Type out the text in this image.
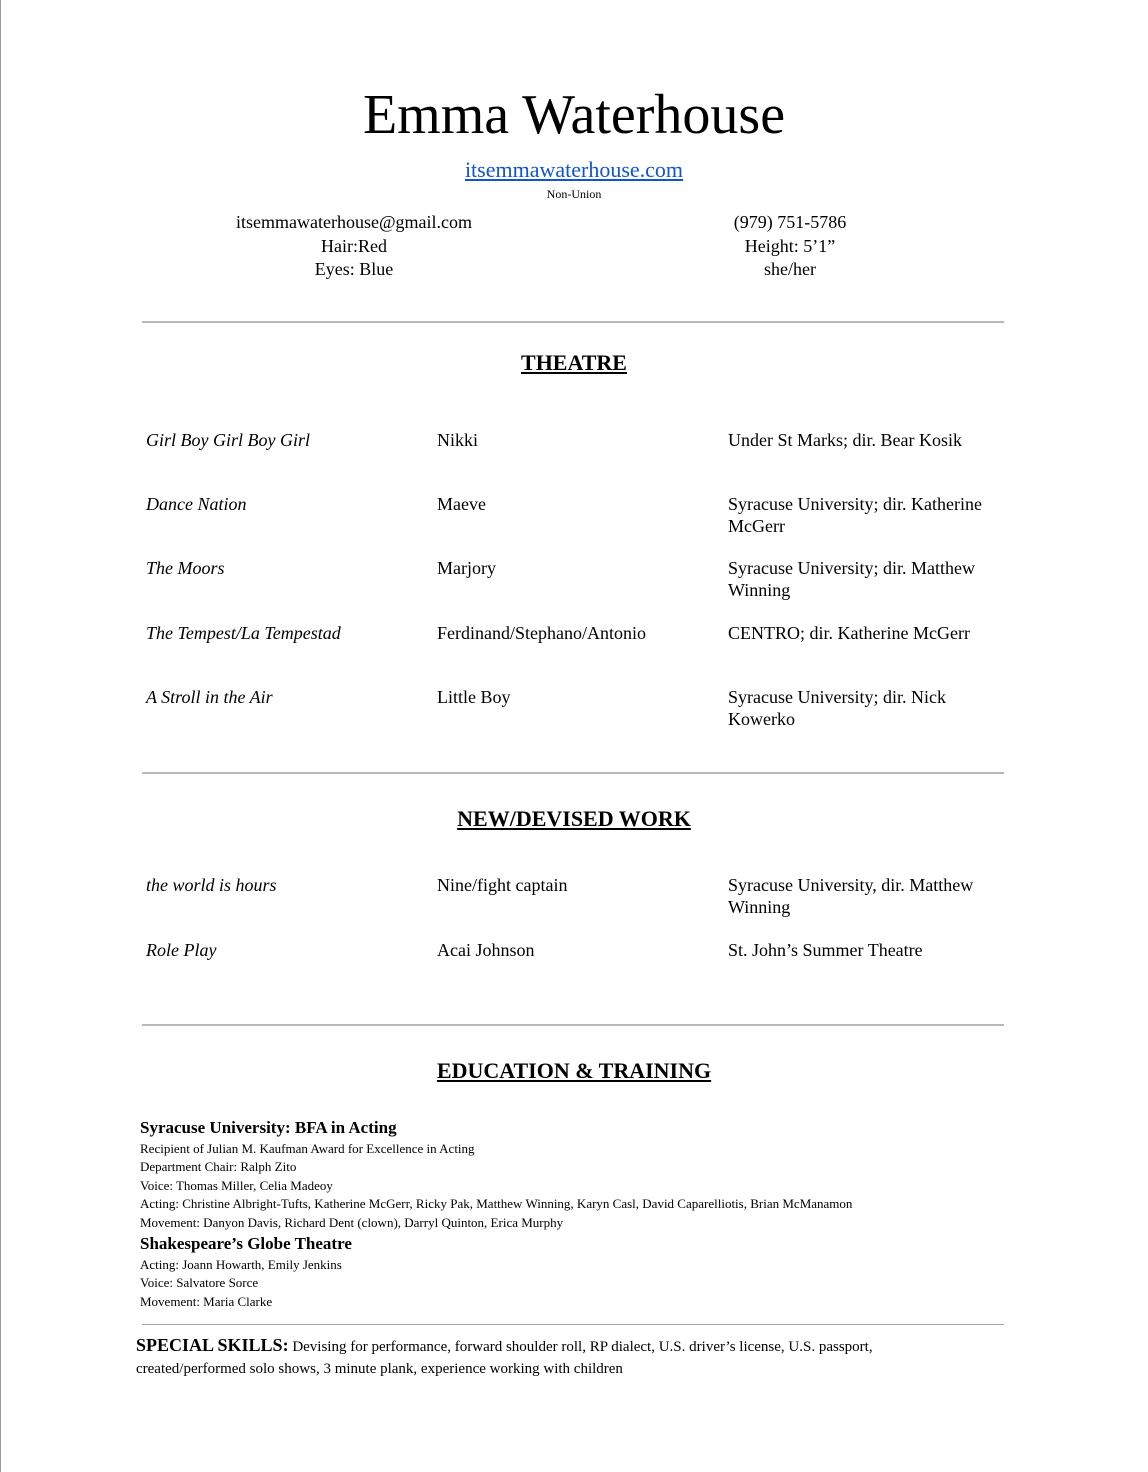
Emma Waterhouse
itsemmawaterhouse.com
Non-Union
itsemmawaterhouse@gmail.com
Hair:Red
Eyes: Blue
(979) 751-5786
Height: 5’1”
she/her
THEATRE
Girl Boy Girl Boy Girl	Nikki	Under St Marks; dir. Bear Kosik
Dance Nation	Maeve	Syracuse University; dir. Katherine McGerr
The Moors	Marjory	Syracuse University; dir. Matthew Winning
The Tempest/La Tempestad	Ferdinand/Stephano/Antonio	CENTRO; dir. Katherine McGerr
A Stroll in the Air	Little Boy	Syracuse University; dir. Nick Kowerko
NEW/DEVISED WORK
the world is hours	Nine/fight captain	Syracuse University, dir. Matthew Winning
Role Play	Acai Johnson	St. John’s Summer Theatre
EDUCATION & TRAINING
Syracuse University: BFA in Acting
Recipient of Julian M. Kaufman Award for Excellence in Acting
Department Chair: Ralph Zito
Voice: Thomas Miller, Celia Madeoy
Acting: Christine Albright-Tufts, Katherine McGerr, Ricky Pak, Matthew Winning, Karyn Casl, David Caparelliotis, Brian McManamon
Movement: Danyon Davis, Richard Dent (clown), Darryl Quinton, Erica Murphy
Shakespeare’s Globe Theatre
Acting: Joann Howarth, Emily Jenkins
Voice: Salvatore Sorce
Movement: Maria Clarke
SPECIAL SKILLS: Devising for performance, forward shoulder roll, RP dialect, U.S. driver’s license, U.S. passport, created/performed solo shows, 3 minute plank, experience working with children
